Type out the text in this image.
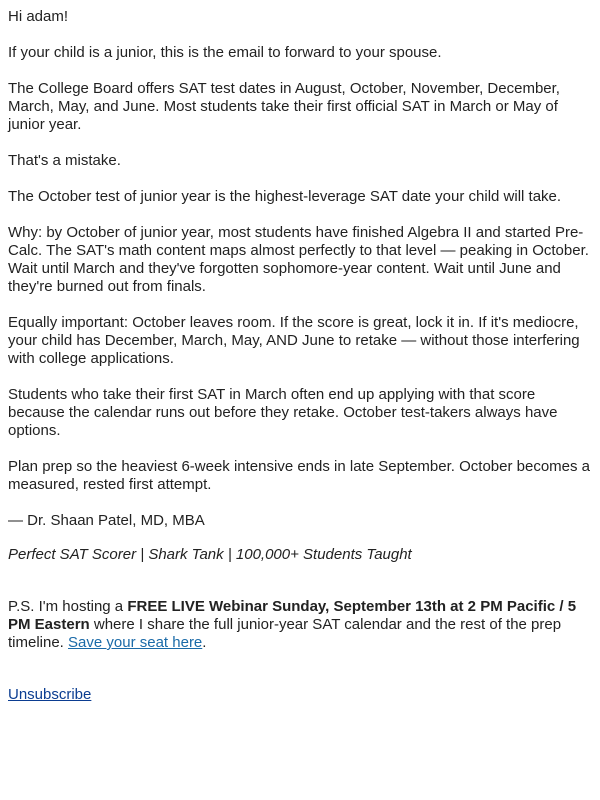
Hi adam!

If your child is a junior, this is the email to forward to your spouse.

The College Board offers SAT test dates in August, October, November, December, March, May, and June. Most students take their first official SAT in March or May of junior year.

That's a mistake.

The October test of junior year is the highest-leverage SAT date your child will take.

Why: by October of junior year, most students have finished Algebra II and started Pre-Calc. The SAT's math content maps almost perfectly to that level — peaking in October. Wait until March and they've forgotten sophomore-year content. Wait until June and they're burned out from finals.

Equally important: October leaves room. If the score is great, lock it in. If it's mediocre, your child has December, March, May, AND June to retake — without those interfering with college applications.

Students who take their first SAT in March often end up applying with that score because the calendar runs out before they retake. October test-takers always have options.

Plan prep so the heaviest 6-week intensive ends in late September. October becomes a measured, rested first attempt.

— Dr. Shaan Patel, MD, MBA

Perfect SAT Scorer | Shark Tank | 100,000+ Students Taught

P.S. I'm hosting a FREE LIVE Webinar Sunday, September 13th at 2 PM Pacific / 5 PM Eastern where I share the full junior-year SAT calendar and the rest of the prep timeline. Save your seat here.

Unsubscribe
